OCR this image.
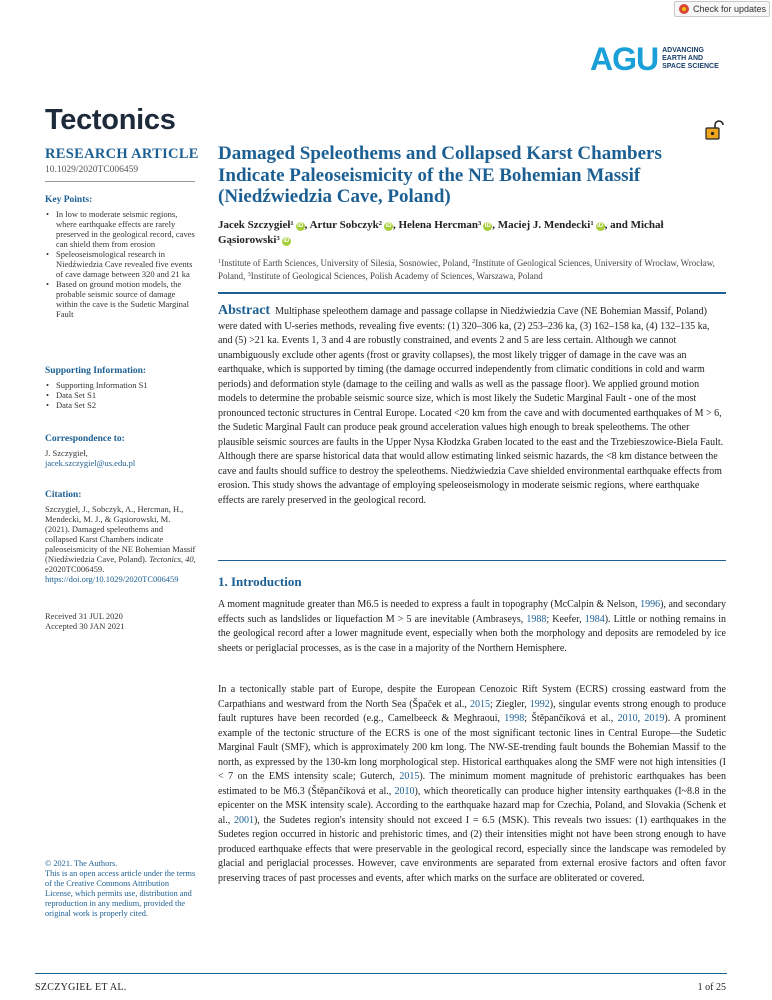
Check for updates
AGU ADVANCING
EARTH AND
SPACE SCIENCE
Tectonics
RESEARCH ARTICLE
10.1029/2020TC006459
Key Points:
• In low to moderate seismic regions, where earthquake effects are rarely preserved in the geological record, caves can shield them from erosion
• Speleoseismological research in Niedźwiedzia Cave revealed five events of cave damage between 320 and 21 ka
• Based on ground motion models, the probable seismic source of damage within the cave is the Sudetic Marginal Fault
Supporting Information:
• Supporting Information S1
• Data Set S1
• Data Set S2
Correspondence to:
J. Szczygieł,
jacek.szczygiel@us.edu.pl
Citation:
Szczygieł, J., Sobczyk, A., Hercman, H., Mendecki, M. J., & Gąsiorowski, M. (2021). Damaged speleothems and collapsed Karst Chambers indicate paleoseismicity of the NE Bohemian Massif (Niedźwiedzia Cave, Poland). Tectonics, 40, e2020TC006459. https://doi.org/10.1029/2020TC006459
Received 31 JUL 2020
Accepted 30 JAN 2021
© 2021. The Authors.
This is an open access article under the terms of the Creative Commons Attribution License, which permits use, distribution and reproduction in any medium, provided the original work is properly cited.
Damaged Speleothems and Collapsed Karst Chambers Indicate Paleoseismicity of the NE Bohemian Massif (Niedźwiedzia Cave, Poland)
Jacek Szczygieł$^1$ iD , Artur Sobczyk$^2$ iD , Helena Hercman$^3$ iD , Maciej J. Mendecki$^1$ iD , and Michał Gąsiorowski$^3$ iD
$^1$Institute of Earth Sciences, University of Silesia, Sosnowiec, Poland, $^2$Institute of Geological Sciences, University of Wrocław, Wrocław, Poland, $^3$Institute of Geological Sciences, Polish Academy of Sciences, Warszawa, Poland
Abstract Multiphase speleothem damage and passage collapse in Niedźwiedzia Cave (NE Bohemian Massif, Poland) were dated with U-series methods, revealing five events: (1) 320–306 ka, (2) 253–236 ka, (3) 162–158 ka, (4) 132–135 ka, and (5) >21 ka. Events 1, 3 and 4 are robustly constrained, and events 2 and 5 are less certain. Although we cannot unambiguously exclude other agents (frost or gravity collapses), the most likely trigger of damage in the cave was an earthquake, which is supported by timing (the damage occurred independently from climatic conditions in cold and warm periods) and deformation style (damage to the ceiling and walls as well as the passage floor). We applied ground motion models to determine the probable seismic source size, which is most likely the Sudetic Marginal Fault - one of the most pronounced tectonic structures in Central Europe. Located <20 km from the cave and with documented earthquakes of M > 6, the Sudetic Marginal Fault can produce peak ground acceleration values high enough to break speleothems. The other plausible seismic sources are faults in the Upper Nysa Kłodzka Graben located to the east and the Trzebieszowice-Biela Fault. Although there are sparse historical data that would allow estimating linked seismic hazards, the <8 km distance between the cave and faults should suffice to destroy the speleothems. Niedźwiedzia Cave shielded environmental earthquake effects from erosion. This study shows the advantage of employing speleoseismology in moderate seismic regions, where earthquake effects are rarely preserved in the geological record.
1. Introduction

A moment magnitude greater than M6.5 is needed to express a fault in topography (McCalpin & Nelson, 1996), and secondary effects such as landslides or liquefaction M > 5 are inevitable (Ambraseys, 1988; Keefer, 1984). Little or nothing remains in the geological record after a lower magnitude event, especially when both the morphology and deposits are remodeled by ice sheets or periglacial processes, as is the case in a majority of the Northern Hemisphere.

In a tectonically stable part of Europe, despite the European Cenozoic Rift System (ECRS) crossing eastward from the Carpathians and westward from the North Sea (Špaček et al., 2015; Ziegler, 1992), singular events strong enough to produce fault ruptures have been recorded (e.g., Camelbeeck & Meghraoui, 1998; Štěpančíková et al., 2010, 2019). A prominent example of the tectonic structure of the ECRS is one of the most significant tectonic lines in Central Europe—the Sudetic Marginal Fault (SMF), which is approximately 200 km long. The NW-SE-trending fault bounds the Bohemian Massif to the north, as expressed by the 130-km long morphological step. Historical earthquakes along the SMF were not high intensities (I < 7 on the EMS intensity scale; Guterch, 2015). The minimum moment magnitude of prehistoric earthquakes has been estimated to be M6.3 (Štěpančíková et al., 2010), which theoretically can produce higher intensity earthquakes (I~8.8 in the epicenter on the MSK intensity scale). According to the earthquake hazard map for Czechia, Poland, and Slovakia (Schenk et al., 2001), the Sudetes region's intensity should not exceed I = 6.5 (MSK). This reveals two issues: (1) earthquakes in the Sudetes region occurred in historic and prehistoric times, and (2) their intensities might not have been strong enough to have produced earthquake effects that were preservable in the geological record, especially since the landscape was remodeled by glacial and periglacial processes. However, cave environments are separated from external erosive factors and often favor preserving traces of past processes and events, after which marks on the surface are obliterated or covered.

SZCZYGIEŁ ET AL.	1 of 25
